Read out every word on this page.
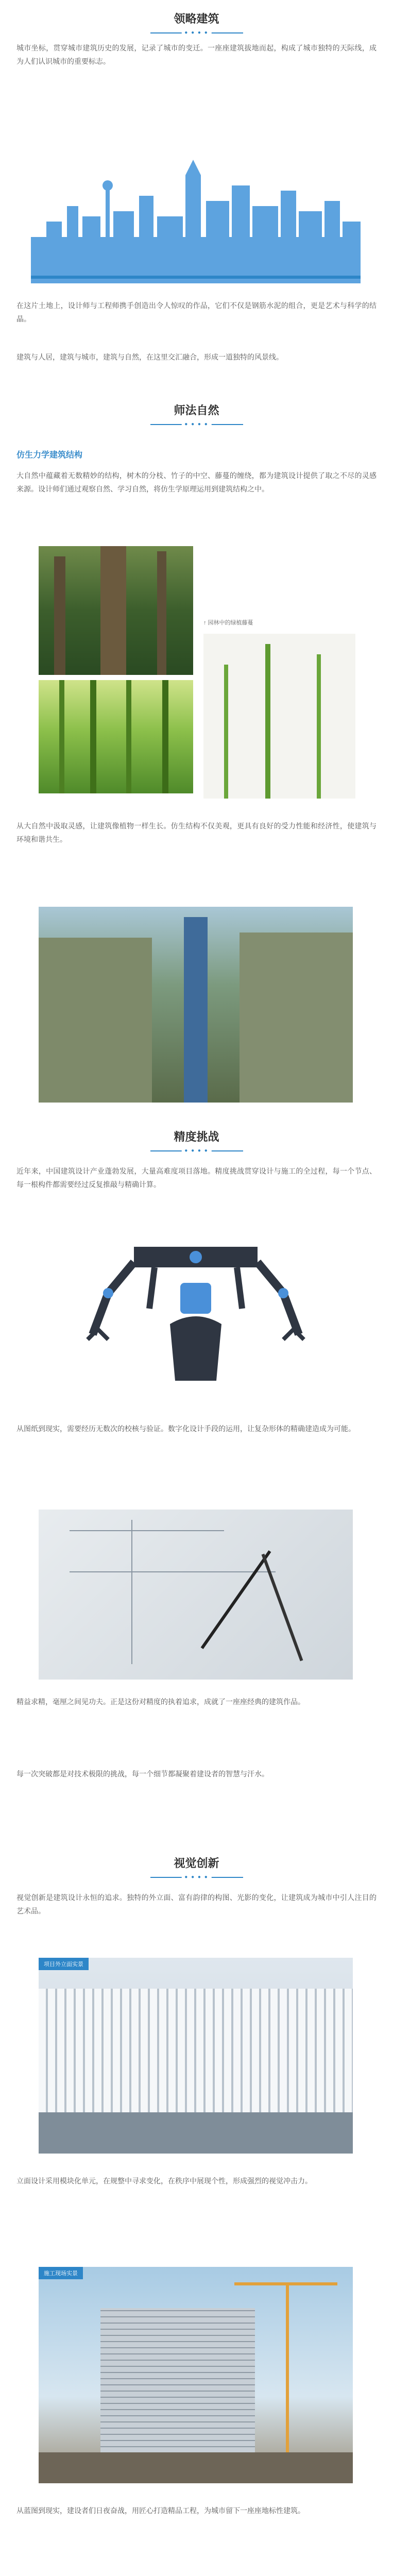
领略建筑
● ● ● ●

城市坐标，贯穿城市建筑历史的发展，记录了城市的变迁。一座座建筑拔地而起，构成了城市独特的天际线，成为人们认识城市的重要标志。

在这片土地上，设计师与工程师携手创造出令人惊叹的作品，它们不仅是钢筋水泥的组合，更是艺术与科学的结晶。

建筑与人居，建筑与城市，建筑与自然，在这里交汇融合，形成一道独特的风景线。

师法自然
● ● ● ●
仿生力学建筑结构

大自然中蕴藏着无数精妙的结构，树木的分枝、竹子的中空、藤蔓的缠绕，都为建筑设计提供了取之不尽的灵感来源。设计师们通过观察自然、学习自然，将仿生学原理运用到建筑结构之中。

↑ 园林中的绿植藤蔓

从大自然中汲取灵感，让建筑像植物一样生长。仿生结构不仅美观，更具有良好的受力性能和经济性，使建筑与环境和谐共生。

精度挑战
● ● ● ●

近年来，中国建筑设计产业蓬勃发展，大量高难度项目落地。精度挑战贯穿设计与施工的全过程，每一个节点、每一根构件都需要经过反复推敲与精确计算。

从图纸到现实，需要经历无数次的校核与验证。数字化设计手段的运用，让复杂形体的精确建造成为可能。

精益求精，毫厘之间见功夫。正是这份对精度的执着追求，成就了一座座经典的建筑作品。

每一次突破都是对技术极限的挑战，每一个细节都凝聚着建设者的智慧与汗水。

视觉创新
● ● ● ●

视觉创新是建筑设计永恒的追求。独特的外立面、富有韵律的构图、光影的变化，让建筑成为城市中引人注目的艺术品。

项目外立面实景

立面设计采用模块化单元，在规整中寻求变化，在秩序中展现个性，形成强烈的视觉冲击力。

施工现场实景

从蓝图到现实，建设者们日夜奋战，用匠心打造精品工程，为城市留下一座座地标性建筑。
